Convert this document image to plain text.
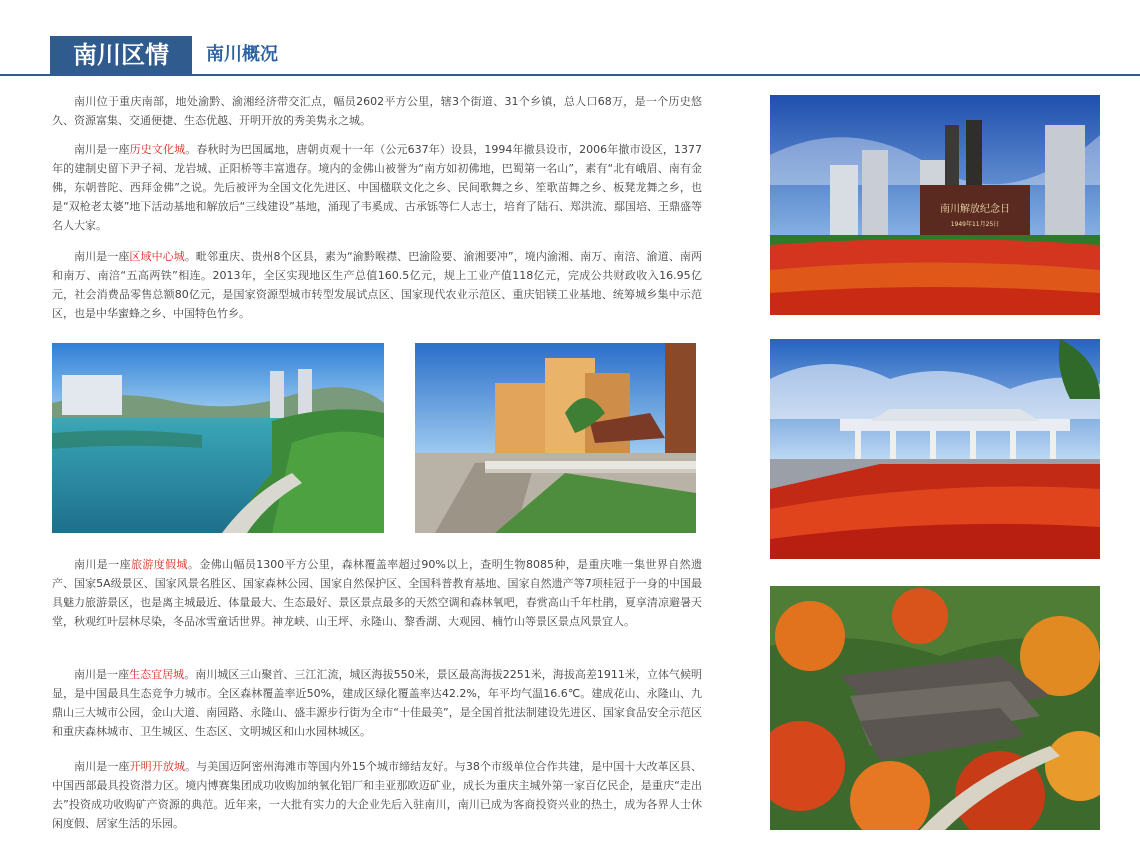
南川区情	南川概况

南川位于重庆南部，地处渝黔、渝湘经济带交汇点，幅员2602平方公里，辖3个街道、31个乡镇，总人口68万，是一个历史悠久、资源富集、交通便捷、生态优越、开明开放的秀美隽永之城。

南川是一座历史文化城。春秋时为巴国属地，唐朝贞观十一年（公元637年）设县，1994年撤县设市，2006年撤市设区，1377年的建制史留下尹子祠、龙岩城、正阳桥等丰富遗存。境内的金佛山被誉为“南方如初佛地，巴蜀第一名山”，素有“北有峨眉、南有金佛，东朝普陀、西拜金佛”之说。先后被评为全国文化先进区、中国楹联文化之乡、民间歌舞之乡、笙歌苗舞之乡、板凳龙舞之乡，也是“双枪老太婆”地下活动基地和解放后“三线建设”基地，涌现了韦奚成、古承铄等仁人志士，培育了陆石、郑洪流、鄢国培、王鼎盛等名人大家。

南川是一座区域中心城。毗邻重庆、贵州8个区县，素为“渝黔喉襟、巴渝险要、渝湘要冲”，境内渝湘、南万、南涪、渝道、南两和南万、南涪“五高两铁”相连。2013年，全区实现地区生产总值160.5亿元，规上工业产值118亿元，完成公共财政收入16.95亿元，社会消费品零售总额80亿元，是国家资源型城市转型发展试点区、国家现代农业示范区、重庆铝镁工业基地、统筹城乡集中示范区，也是中华蜜蜂之乡、中国特色竹乡。

南川是一座旅游度假城。金佛山幅员1300平方公里，森林覆盖率超过90%以上，查明生物8085种，是重庆唯一集世界自然遗产、国家5A级景区、国家风景名胜区、国家森林公园、国家自然保护区、全国科普教育基地、国家自然遗产等7项桂冠于一身的中国最具魅力旅游景区，也是离主城最近、体量最大、生态最好、景区景点最多的天然空调和森林氧吧，春赏高山千年杜鹃，夏享清凉避暑天堂，秋观红叶层林尽染，冬品冰雪童话世界。神龙峡、山王坪、永隆山、黎香湖、大观园、楠竹山等景区景点风景宜人。

南川是一座生态宜居城。南川城区三山聚首、三江汇流，城区海拔550米，景区最高海拔2251米，海拔高差1911米，立体气候明显，是中国最具生态竞争力城市。全区森林覆盖率近50%，建成区绿化覆盖率达42.2%，年平均气温16.6℃。建成花山、永隆山、九鼎山三大城市公园，金山大道、南园路、永隆山、盛丰源步行街为全市“十佳最美”，是全国首批法制建设先进区、国家食品安全示范区和重庆森林城市、卫生城区、生态区、文明城区和山水园林城区。

南川是一座开明开放城。与美国迈阿密州海滩市等国内外15个城市缔结友好。与38个市级单位合作共建，是中国十大改革区县、中国西部最具投资潜力区。境内博赛集团成功收购加纳氧化铝厂和圭亚那欧迈矿业，成长为重庆主城外第一家百亿民企，是重庆“走出去”投资成功收购矿产资源的典范。近年来，一大批有实力的大企业先后入驻南川，南川已成为客商投资兴业的热土，成为各界人士休闲度假、居家生活的乐园。

南川解放纪念日
1949年11月25日
